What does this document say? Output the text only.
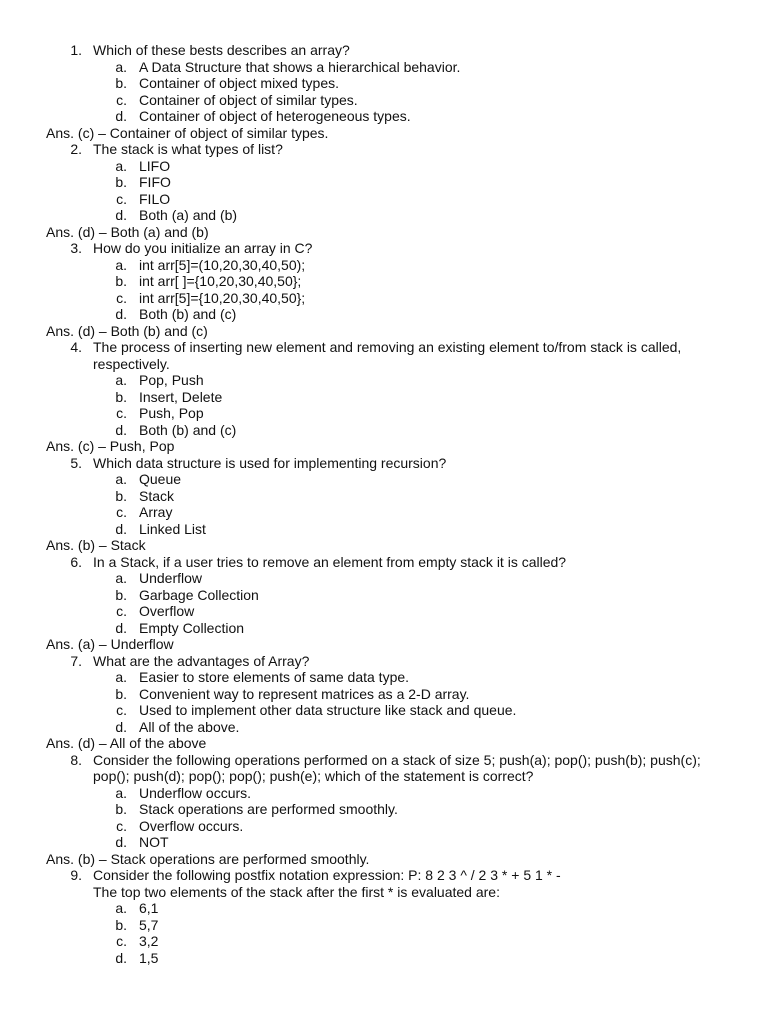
1. Which of these bests describes an array?
a. A Data Structure that shows a hierarchical behavior.
b. Container of object mixed types.
c. Container of object of similar types.
d. Container of object of heterogeneous types.
Ans. (c) – Container of object of similar types.
2. The stack is what types of list?
a. LIFO
b. FIFO
c. FILO
d. Both (a) and (b)
Ans. (d) – Both (a) and (b)
3. How do you initialize an array in C?
a. int arr[5]=(10,20,30,40,50);
b. int arr[ ]={10,20,30,40,50};
c. int arr[5]={10,20,30,40,50};
d. Both (b) and (c)
Ans. (d) – Both (b) and (c)
4. The process of inserting new element and removing an existing element to/from stack is called,
respectively.
a. Pop, Push
b. Insert, Delete
c. Push, Pop
d. Both (b) and (c)
Ans. (c) – Push, Pop
5. Which data structure is used for implementing recursion?
a. Queue
b. Stack
c. Array
d. Linked List
Ans. (b) – Stack
6. In a Stack, if a user tries to remove an element from empty stack it is called?
a. Underflow
b. Garbage Collection
c. Overflow
d. Empty Collection
Ans. (a) – Underflow
7. What are the advantages of Array?
a. Easier to store elements of same data type.
b. Convenient way to represent matrices as a 2-D array.
c. Used to implement other data structure like stack and queue.
d. All of the above.
Ans. (d) – All of the above
8. Consider the following operations performed on a stack of size 5; push(a); pop(); push(b); push(c);
pop(); push(d); pop(); pop(); push(e); which of the statement is correct?
a. Underflow occurs.
b. Stack operations are performed smoothly.
c. Overflow occurs.
d. NOT
Ans. (b) – Stack operations are performed smoothly.
9. Consider the following postfix notation expression: P: 8 2 3 ^ / 2 3 * + 5 1 * -
The top two elements of the stack after the first * is evaluated are:
a. 6,1
b. 5,7
c. 3,2
d. 1,5
